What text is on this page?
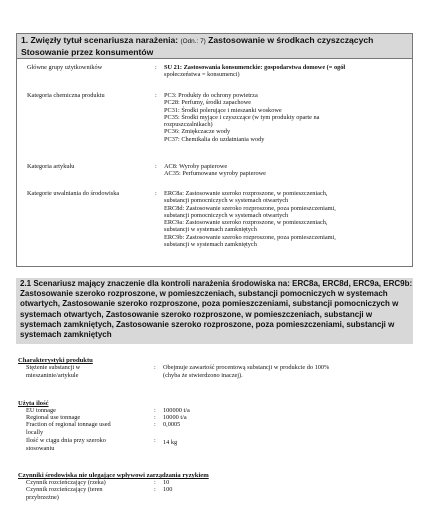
1. Zwięzły tytuł scenariusza narażenia: (Odn.: 7) Zastosowanie w środkach czyszczących
Stosowanie przez konsumentów
Główne grupy użytkowników	:	SU 21: Zastosowania konsumenckie: gospodarstwa domowe (= ogół
społeczeństwa = konsumenci)
Kategoria chemiczna produktu	:	PC3: Produkty do ochrony powietrza
PC28: Perfumy, środki zapachowe
PC31: Środki polerujące i mieszanki woskowe
PC35: Środki myjące i czyszczące (w tym produkty oparte na
rozpuszczalnikach)
PC36: Zmiękczacze wody
PC37: Chemikalia do uzdatniania wody
Kategoria artykułu	:	AC8: Wyroby papierowe
AC35: Perfumowane wyroby papierowe
Kategorie uwalniania do środowiska	:	ERC8a: Zastosowanie szeroko rozproszone, w pomieszczeniach,
substancji pomocniczych w systemach otwartych
ERC8d: Zastosowanie szeroko rozproszone, poza pomieszczeniami,
substancji pomocniczych w systemach otwartych
ERC9a: Zastosowanie szeroko rozproszone, w pomieszczeniach,
substancji w systemach zamkniętych
ERC9b: Zastosowanie szeroko rozproszone, poza pomieszczeniami,
substancji w systemach zamkniętych
2.1 Scenariusz mający znaczenie dla kontroli narażenia środowiska na: ERC8a, ERC8d, ERC9a, ERC9b: Zastosowanie szeroko rozproszone, w pomieszczeniach, substancji pomocniczych w systemach otwartych, Zastosowanie szeroko rozproszone, poza pomieszczeniami, substancji pomocniczych w systemach otwartych, Zastosowanie szeroko rozproszone, w pomieszczeniach, substancji w systemach zamkniętych, Zastosowanie szeroko rozproszone, poza pomieszczeniami, substancji w systemach zamkniętych
Charakterystyki produktu
Stężenie substancji w
mieszaninie/artykule
: Obejmuje zawartość procentową substancji w produkcie do 100%
(chyba że stwierdzono inaczej).
Użyta ilość
EU tonnage	: 100000 t/a
Regional use tonnage	: 10000 t/a
Fraction of regional tonnage used
locally
: 0,0005
Ilość w ciągu dnia przy szeroko
stosowaniu
: 14 kg
Czynniki środowiska nie ulegające wpływowi zarządzania ryzykiem
Czynnik rozcieńczający (rzeka)	: 10
Czynnik rozcieńczający (teren
przybrzeżne)
: 100
